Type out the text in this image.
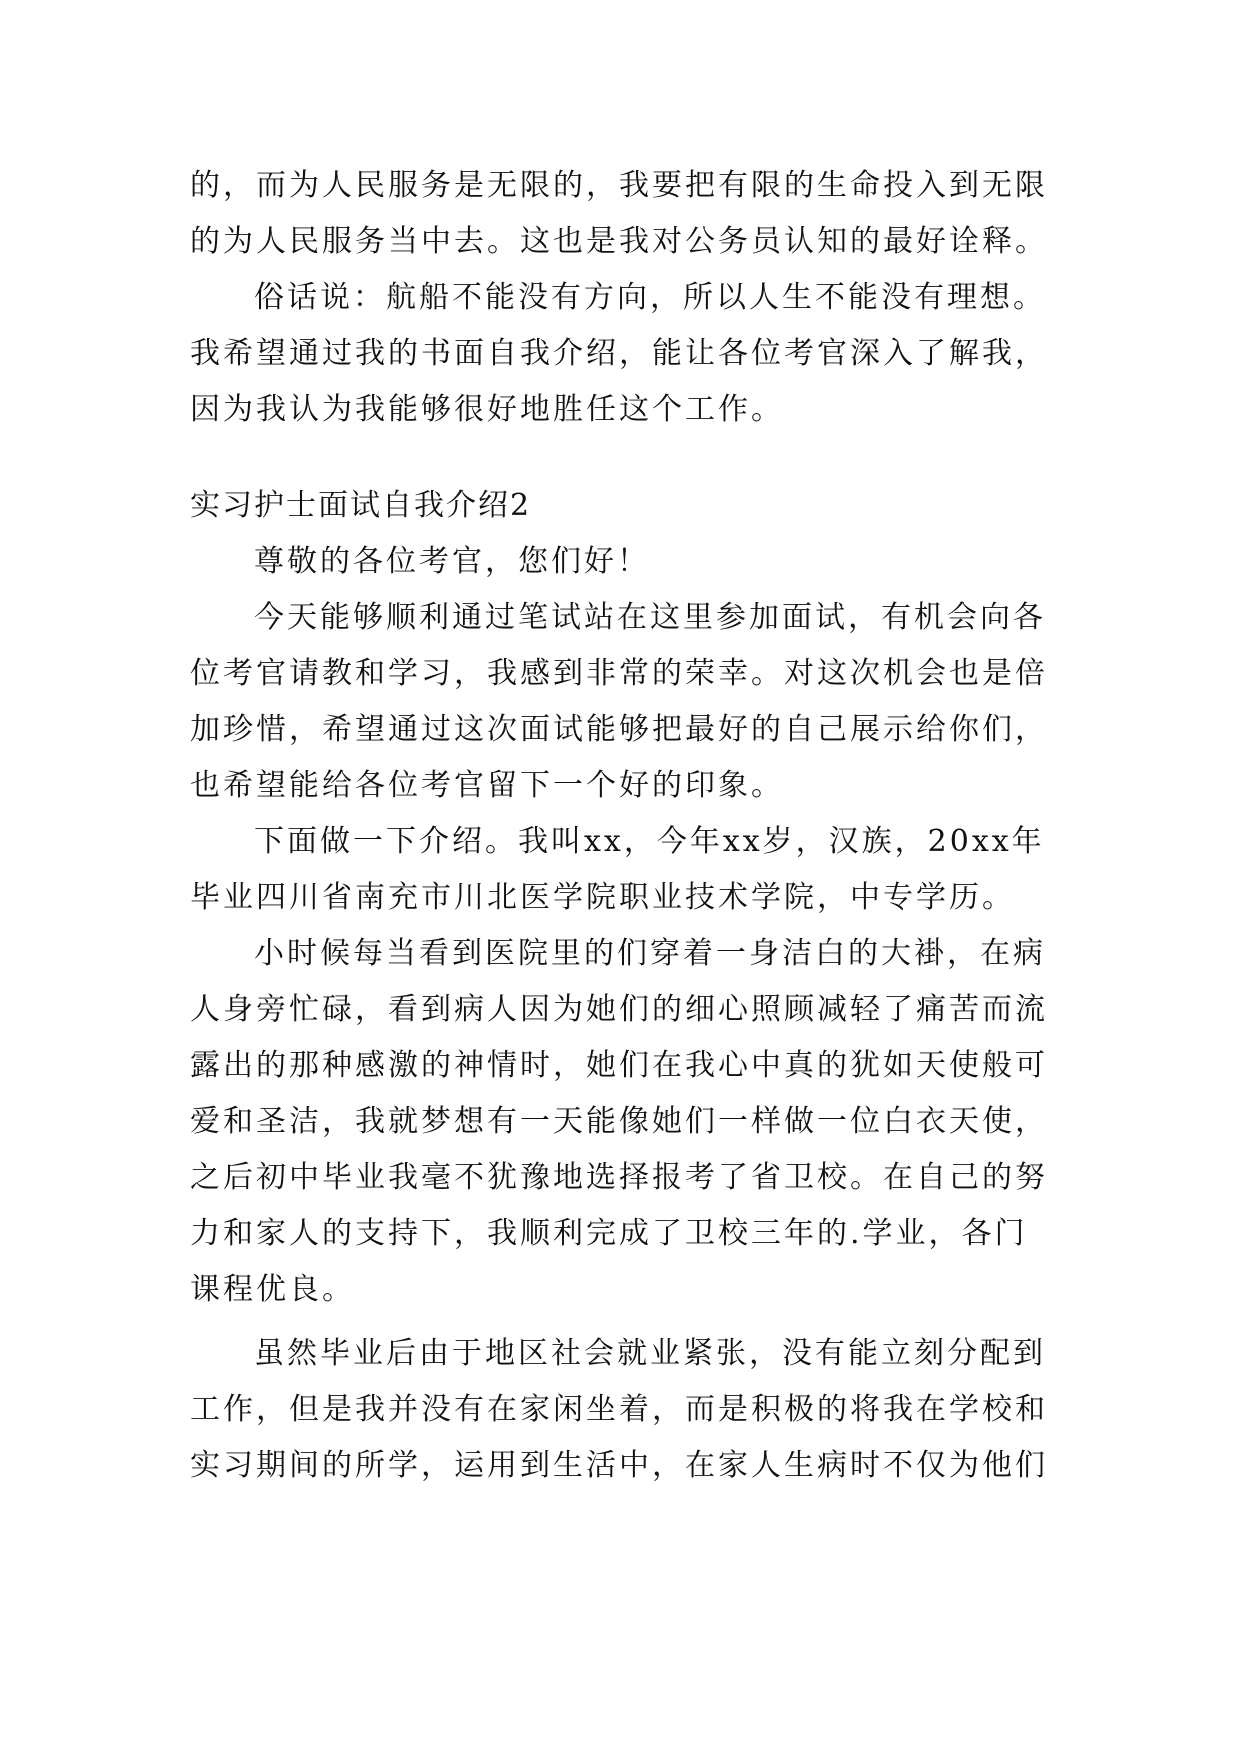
的，而为人民服务是无限的，我要把有限的生命投入到无限
的为人民服务当中去。这也是我对公务员认知的最好诠释。
俗话说：航船不能没有方向，所以人生不能没有理想。
我希望通过我的书面自我介绍，能让各位考官深入了解我，
因为我认为我能够很好地胜任这个工作。
实习护士面试自我介绍2
尊敬的各位考官，您们好！
今天能够顺利通过笔试站在这里参加面试，有机会向各
位考官请教和学习，我感到非常的荣幸。对这次机会也是倍
加珍惜，希望通过这次面试能够把最好的自己展示给你们，
也希望能给各位考官留下一个好的印象。
下面做一下介绍。我叫xx，今年xx岁，汉族，20xx年
毕业四川省南充市川北医学院职业技术学院，中专学历。
小时候每当看到医院里的们穿着一身洁白的大褂，在病
人身旁忙碌，看到病人因为她们的细心照顾减轻了痛苦而流
露出的那种感激的神情时，她们在我心中真的犹如天使般可
爱和圣洁，我就梦想有一天能像她们一样做一位白衣天使，
之后初中毕业我毫不犹豫地选择报考了省卫校。在自己的努
力和家人的支持下，我顺利完成了卫校三年的.学业，各门
课程优良。
虽然毕业后由于地区社会就业紧张，没有能立刻分配到
工作，但是我并没有在家闲坐着，而是积极的将我在学校和
实习期间的所学，运用到生活中，在家人生病时不仅为他们
